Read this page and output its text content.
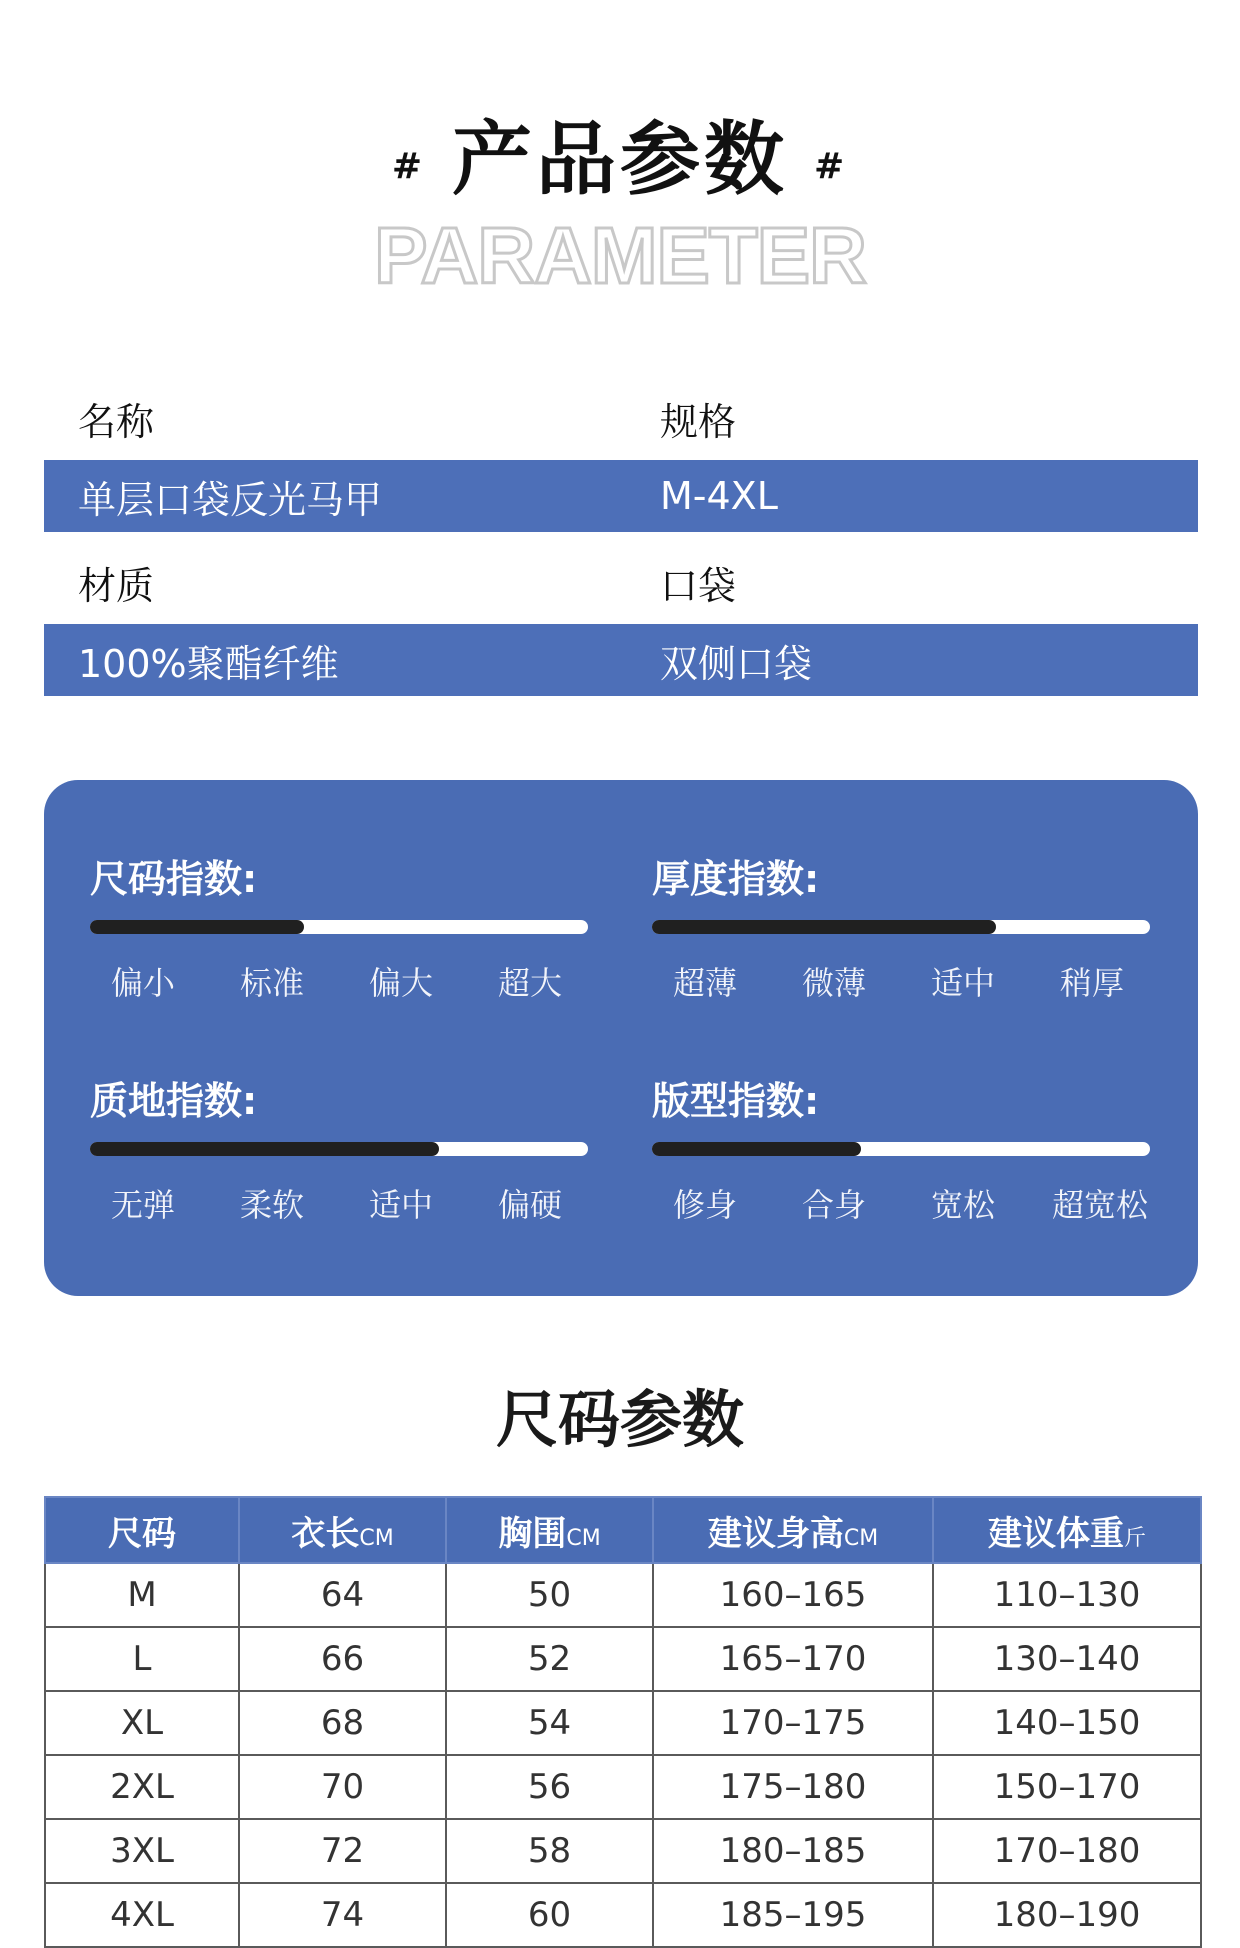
# 产品参数 #
PARAMETER
名称	规格
单层口袋反光马甲	M-4XL
材质	口袋
100%聚酯纤维	双侧口袋
尺码指数:
偏小 标准 偏大 超大
厚度指数:
超薄 微薄 适中 稍厚
质地指数:
无弹 柔软 适中 偏硬
版型指数:
修身 合身 宽松 超宽松
尺码参数
尺码	衣长CM	胸围CM	建议身高CM	建议体重斤
M	64	50	160–165	110–130
L	66	52	165–170	130–140
XL	68	54	170–175	140–150
2XL	70	56	175–180	150–170
3XL	72	58	180–185	170–180
4XL	74	60	185–195	180–190
